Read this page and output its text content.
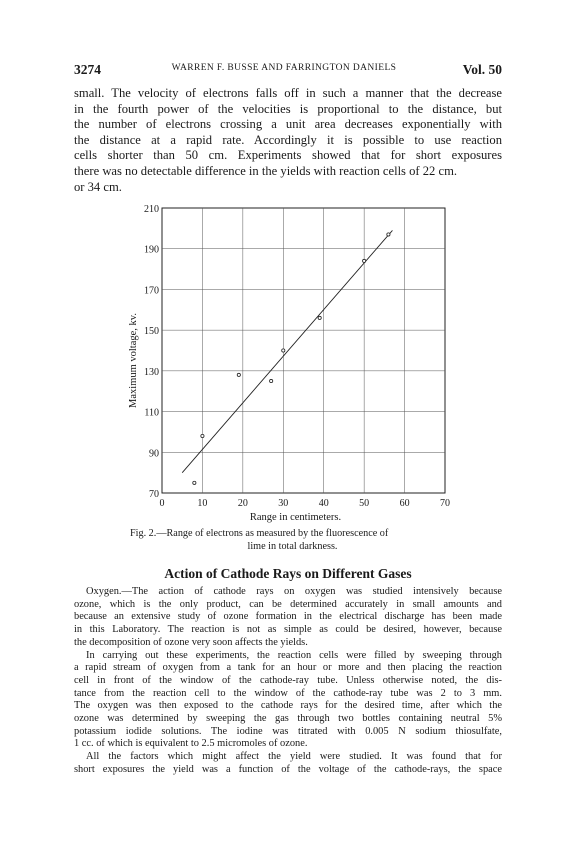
3274	WARREN F. BUSSE AND FARRINGTON DANIELS	Vol. 50
small. The velocity of electrons falls off in such a manner that the decrease
in the fourth power of the velocities is proportional to the distance, but
the number of electrons crossing a unit area decreases exponentially with
the distance at a rapid rate. Accordingly it is possible to use reaction
cells shorter than 50 cm. Experiments showed that for short exposures
there was no detectable difference in the yields with reaction cells of 22 cm.
or 34 cm.
0	10	20	30	40	50	60	70
70
90
110
130
150
170
190
210
Range in centimeters.
Maximum voltage, kv.
Fig. 2.—Range of electrons as measured by the fluorescence of
lime in total darkness.
Action of Cathode Rays on Different Gases
Oxygen.—The action of cathode rays on oxygen was studied intensively because
ozone, which is the only product, can be determined accurately in small amounts and
because an extensive study of ozone formation in the electrical discharge has been made
in this Laboratory. The reaction is not as simple as could be desired, however, because
the decomposition of ozone very soon affects the yields.
In carrying out these experiments, the reaction cells were filled by sweeping through
a rapid stream of oxygen from a tank for an hour or more and then placing the reaction
cell in front of the window of the cathode-ray tube. Unless otherwise noted, the dis-
tance from the reaction cell to the window of the cathode-ray tube was 2 to 3 mm.
The oxygen was then exposed to the cathode rays for the desired time, after which the
ozone was determined by sweeping the gas through two bottles containing neutral 5%
potassium iodide solutions. The iodine was titrated with 0.005 N sodium thiosulfate,
1 cc. of which is equivalent to 2.5 micromoles of ozone.
All the factors which might affect the yield were studied. It was found that for
short exposures the yield was a function of the voltage of the cathode-rays, the space
